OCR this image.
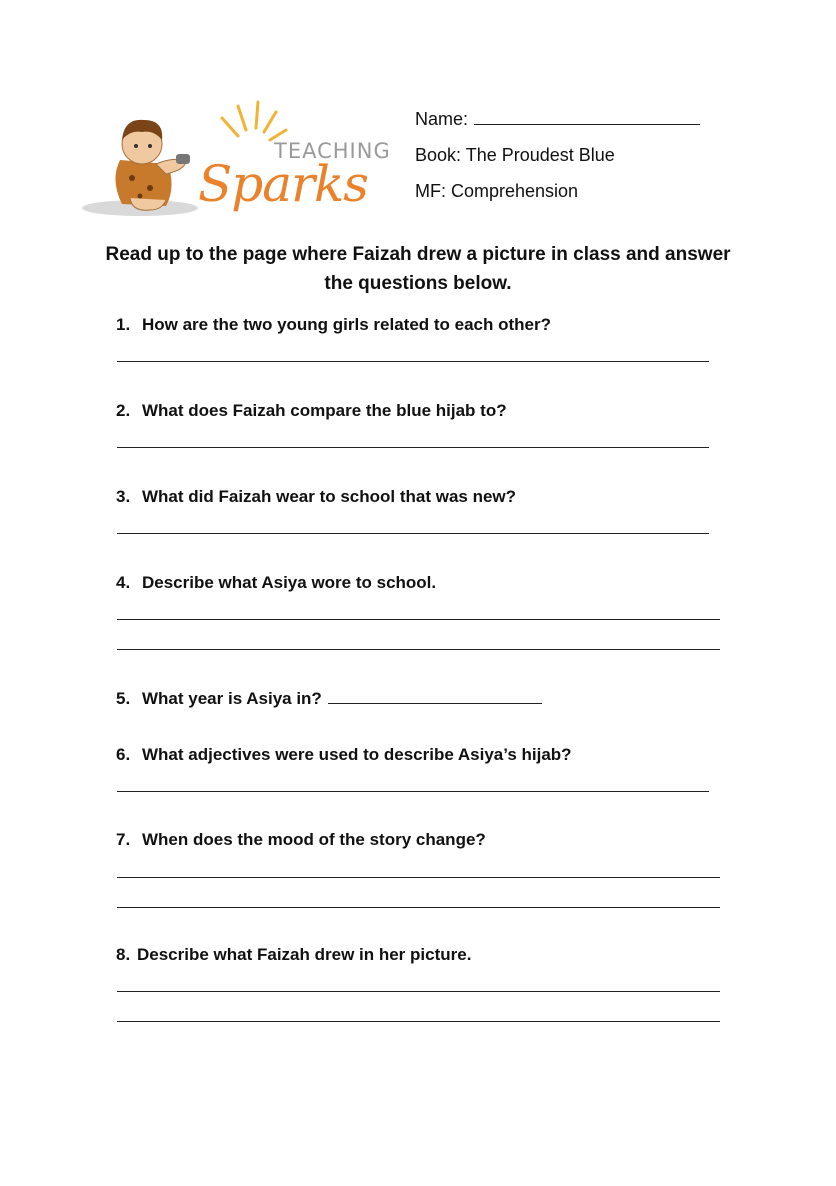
TEACHING
Sparks
Name:
Book: The Proudest Blue
MF: Comprehension
Read up to the page where Faizah drew a picture in class and answer the questions below.
1. How are the two young girls related to each other?
2. What does Faizah compare the blue hijab to?
3. What did Faizah wear to school that was new?
4. Describe what Asiya wore to school.
5. What year is Asiya in?
6. What adjectives were used to describe Asiya’s hijab?
7. When does the mood of the story change?
8. Describe what Faizah drew in her picture.
